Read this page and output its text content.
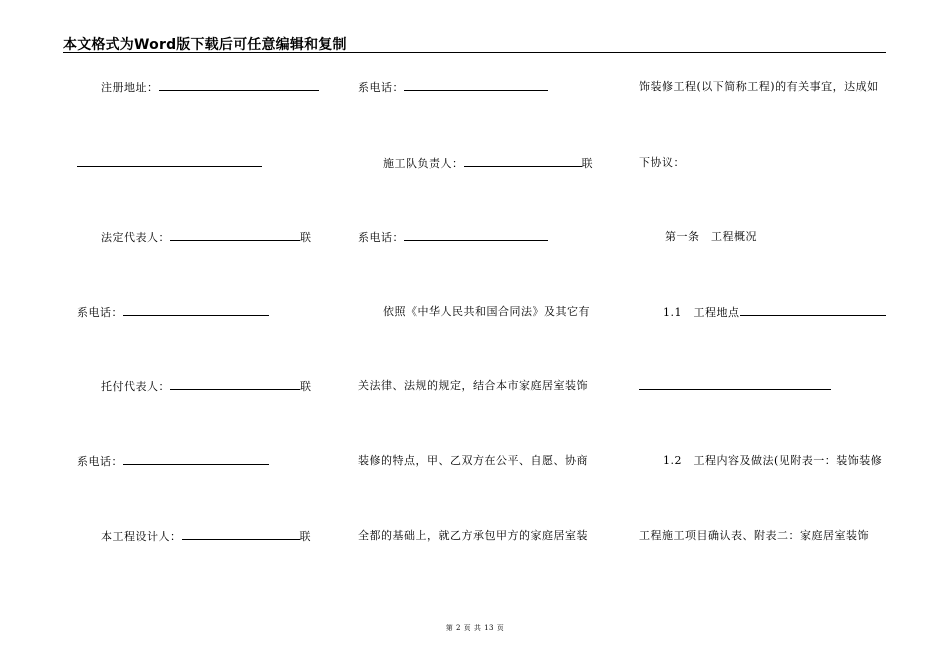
本文格式为Word版下载后可任意编辑和复制
注册地址：
法定代表人：	联
系电话：
托付代表人：	联
系电话：
本工程设计人：	联
系电话：
施工队负责人：	联
系电话：
依照《中华人民共和国合同法》及其它有
关法律、法规的规定，结合本市家庭居室装饰
装修的特点，甲、乙双方在公平、自愿、协商
全都的基础上，就乙方承包甲方的家庭居室装
饰装修工程(以下简称工程)的有关事宜，达成如
下协议：
第一条　工程概况
1.1　工程地点
1.2　工程内容及做法(见附表一：装饰装修
工程施工项目确认表、附表二：家庭居室装饰
第 2 页 共 13 页
